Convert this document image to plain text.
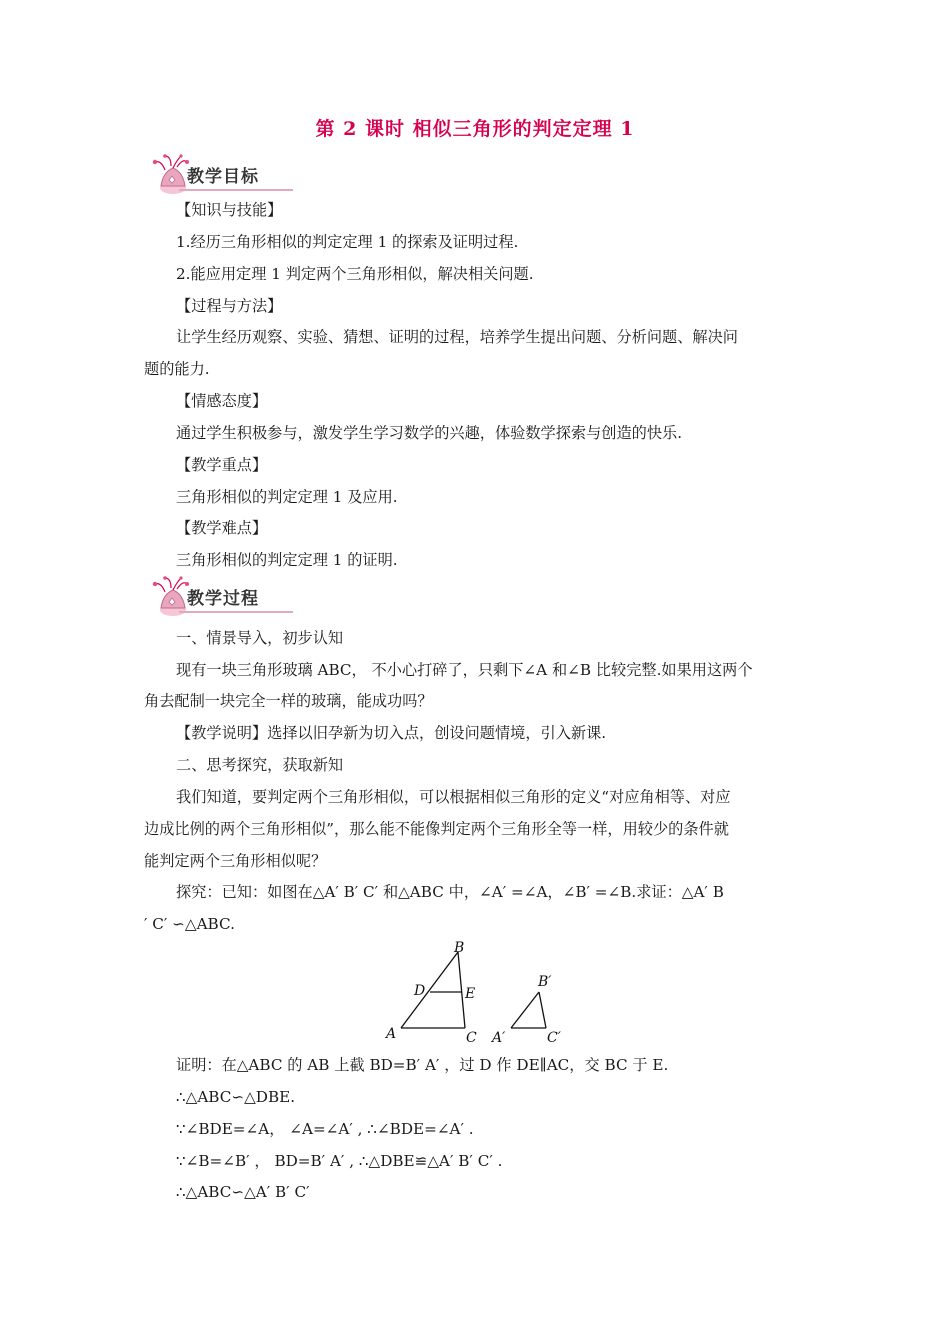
第 2 课时 相似三角形的判定定理 1
教学目标
【知识与技能】
1.经历三角形相似的判定定理 1 的探索及证明过程.
2.能应用定理 1 判定两个三角形相似，解决相关问题.
【过程与方法】
让学生经历观察、实验、猜想、证明的过程，培养学生提出问题、分析问题、解决问
题的能力.
【情感态度】
通过学生积极参与，激发学生学习数学的兴趣，体验数学探索与创造的快乐.
【教学重点】
三角形相似的判定定理 1 及应用.
【教学难点】
三角形相似的判定定理 1 的证明.
教学过程
一、情景导入，初步认知
现有一块三角形玻璃 ABC， 不小心打碎了，只剩下∠A 和∠B 比较完整.如果用这两个
角去配制一块完全一样的玻璃，能成功吗？
【教学说明】选择以旧孕新为切入点，创设问题情境，引入新课.
二、思考探究，获取新知
我们知道，要判定两个三角形相似，可以根据相似三角形的定义“对应角相等、对应
边成比例的两个三角形相似”，那么能不能像判定两个三角形全等一样，用较少的条件就
能判定两个三角形相似呢？
探究：已知：如图在△A′ B′ C′ 和△ABC 中，∠A′ =∠A，∠B′ =∠B.求证：△A′ B
′ C′ ∽△ABC.
B
D	E
A	C
B′
A′	C′
证明：在△ABC 的 AB 上截 BD=B′ A′ ，过 D 作 DE∥AC，交 BC 于 E.
∴△ABC∽△DBE.
∵∠BDE=∠A， ∠A=∠A′ , ∴∠BDE=∠A′ .
∵∠B=∠B′ ， BD=B′ A′ , ∴△DBE≌△A′ B′ C′ .
∴△ABC∽△A′ B′ C′
